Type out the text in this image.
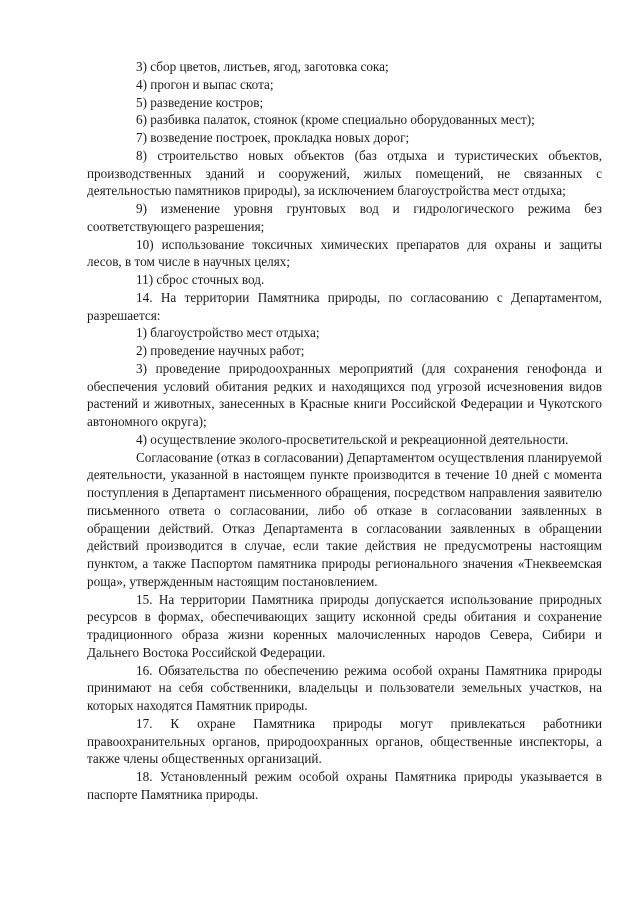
3) сбор цветов, листьев, ягод, заготовка сока;

4) прогон и выпас скота;

5) разведение костров;

6) разбивка палаток, стоянок (кроме специально оборудованных мест);

7) возведение построек, прокладка новых дорог;

8) строительство новых объектов (баз отдыха и туристических объектов, производственных зданий и сооружений, жилых помещений, не связанных с деятельностью памятников природы), за исключением благоустройства мест отдыха;

9) изменение уровня грунтовых вод и гидрологического режима без соответствующего разрешения;

10) использование токсичных химических препаратов для охраны и защиты лесов, в том числе в научных целях;

11) сброс сточных вод.

14. На территории Памятника природы, по согласованию с Департаментом, разрешается:

1) благоустройство мест отдыха;

2) проведение научных работ;

3) проведение природоохранных мероприятий (для сохранения генофонда и обеспечения условий обитания редких и находящихся под угрозой исчезновения видов растений и животных, занесенных в Красные книги Российской Федерации и Чукотского автономного округа);

4) осуществление эколого-просветительской и рекреационной деятельности.

Согласование (отказ в согласовании) Департаментом осуществления планируемой деятельности, указанной в настоящем пункте производится в течение 10 дней с момента поступления в Департамент письменного обращения, посредством направления заявителю письменного ответа о согласовании, либо об отказе в согласовании заявленных в обращении действий. Отказ Департамента в согласовании заявленных в обращении действий производится в случае, если такие действия не предусмотрены настоящим пунктом, а также Паспортом памятника природы регионального значения «Тнеквеемская роща», утвержденным настоящим постановлением.

15. На территории Памятника природы допускается использование природных ресурсов в формах, обеспечивающих защиту исконной среды обитания и сохранение традиционного образа жизни коренных малочисленных народов Севера, Сибири и Дальнего Востока Российской Федерации.

16. Обязательства по обеспечению режима особой охраны Памятника природы принимают на себя собственники, владельцы и пользователи земельных участков, на которых находятся Памятник природы.

17. К охране Памятника природы могут привлекаться работники правоохранительных органов, природоохранных органов, общественные инспекторы, а также члены общественных организаций.

18. Установленный режим особой охраны Памятника природы указывается в паспорте Памятника природы.
